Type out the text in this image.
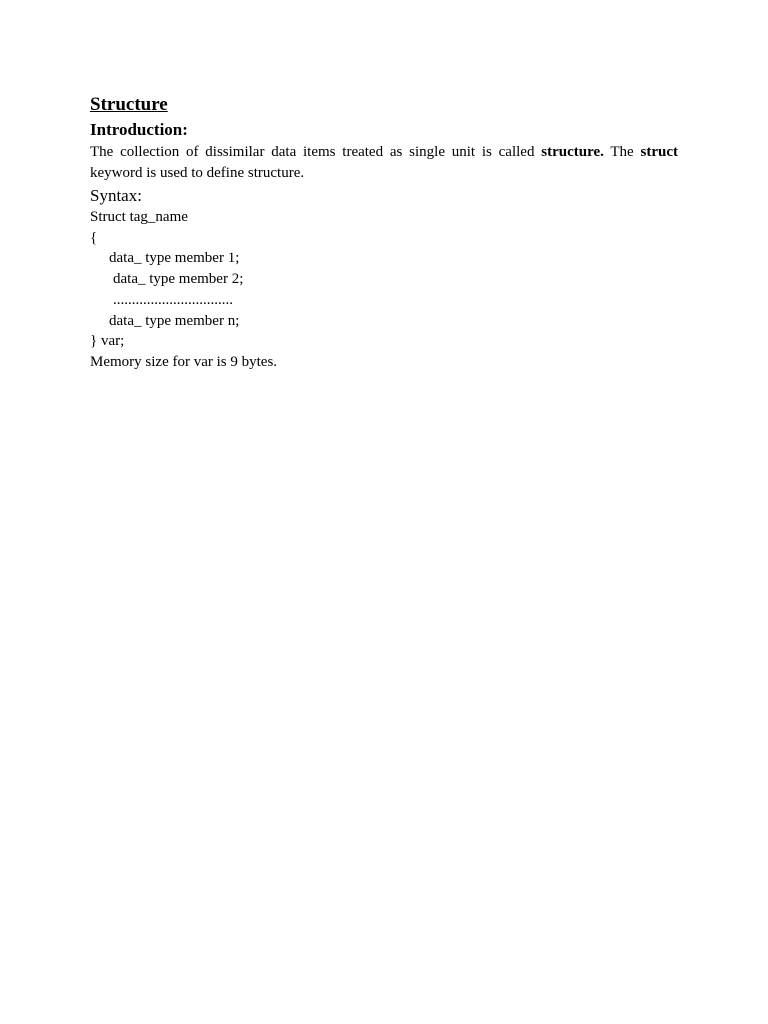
Structure

Introduction:

The collection of dissimilar data items treated as single unit is called structure. The struct keyword is used to define structure.

Syntax:

Struct tag_name

{

data_ type member 1;

data_ type member 2;

................................

data_ type member n;

} var;

Memory size for var is 9 bytes.
